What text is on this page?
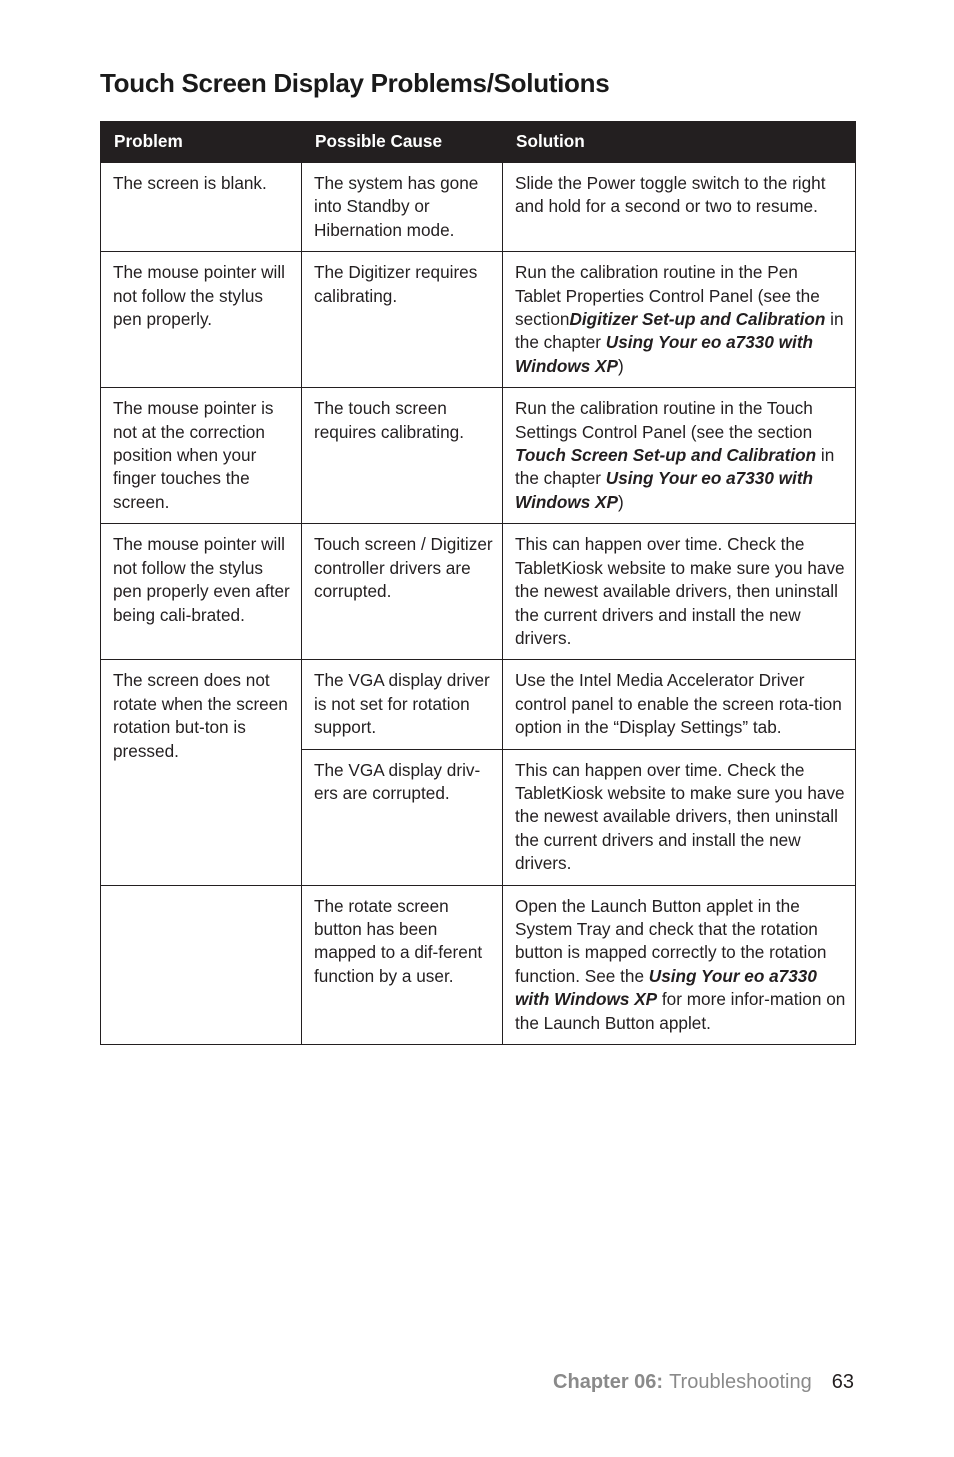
Touch Screen Display Problems/Solutions
Problem	Possible Cause	Solution
The screen is blank.	The system has gone into Standby or Hibernation mode.	Slide the Power toggle switch to the right and hold for a second or two to resume.
The mouse pointer will not follow the stylus pen properly.	The Digitizer requires calibrating.	Run the calibration routine in the Pen Tablet Properties Control Panel (see the sectionDigitizer Set-up and Calibration in the chapter Using Your eo a7330 with Windows XP)
The mouse pointer is not at the correction position when your finger touches the screen.	The touch screen requires calibrating.	Run the calibration routine in the Touch Settings Control Panel (see the section Touch Screen Set-up and Calibration in the chapter Using Your eo a7330 with Windows XP)
The mouse pointer will not follow the stylus pen properly even after being cali-brated.	Touch screen / Digitizer controller drivers are corrupted.	This can happen over time. Check the TabletKiosk website to make sure you have the newest available drivers, then uninstall the current drivers and install the new drivers.
The screen does not rotate when the screen rotation but-ton is pressed.	The VGA display driver is not set for rotation support.	Use the Intel Media Accelerator Driver control panel to enable the screen rota-tion option in the “Display Settings” tab.
	The VGA display driv-ers are corrupted.	This can happen over time. Check the TabletKiosk website to make sure you have the newest available drivers, then uninstall the current drivers and install the new drivers.
	The rotate screen button has been mapped to a dif-ferent function by a user.	Open the Launch Button applet in the System Tray and check that the rotation button is mapped correctly to the rotation function. See the Using Your eo a7330 with Windows XP for more infor-mation on the Launch Button applet.
Chapter 06: Troubleshooting 63
